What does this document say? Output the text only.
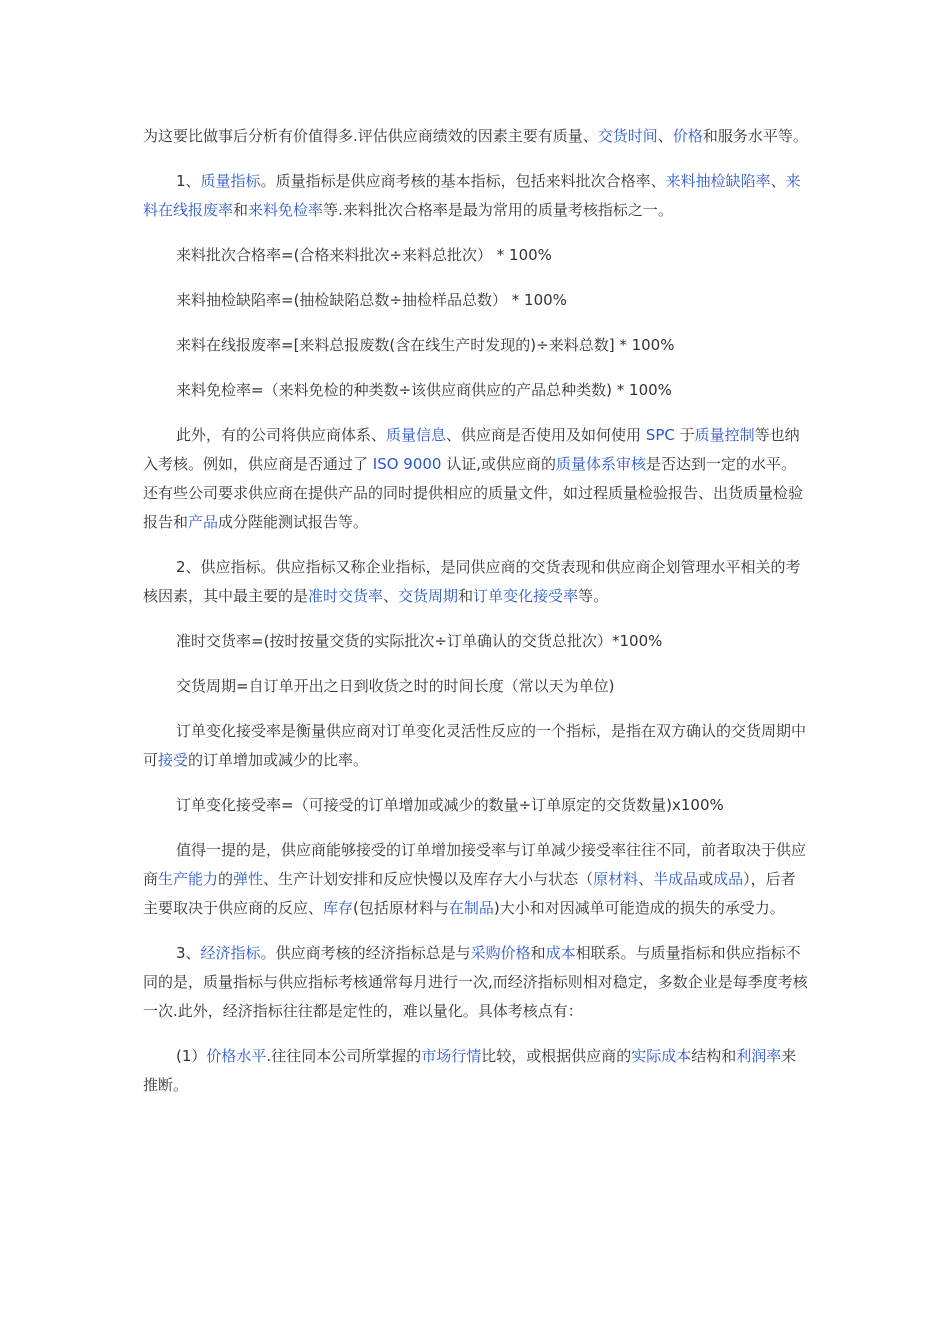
为这要比做事后分析有价值得多.评估供应商绩效的因素主要有质量、交货时间、价格和服务水平等。

1、质量指标。质量指标是供应商考核的基本指标，包括来料批次合格率、来料抽检缺陷率、来料在线报废率和来料免检率等.来料批次合格率是最为常用的质量考核指标之一。

来料批次合格率=(合格来料批次÷来料总批次） * 100%

来料抽检缺陷率=(抽检缺陷总数÷抽检样品总数） * 100%

来料在线报废率=[来料总报废数(含在线生产时发现的)÷来料总数] * 100%

来料免检率=（来料免检的种类数÷该供应商供应的产品总种类数) * 100%

此外，有的公司将供应商体系、质量信息、供应商是否使用及如何使用 SPC 于质量控制等也纳入考核。例如，供应商是否通过了 ISO 9000 认证,或供应商的质量体系审核是否达到一定的水平。还有些公司要求供应商在提供产品的同时提供相应的质量文件，如过程质量检验报告、出货质量检验报告和产品成分陛能测试报告等。

2、供应指标。供应指标又称企业指标，是同供应商的交货表现和供应商企划管理水平相关的考核因素，其中最主要的是准时交货率、交货周期和订单变化接受率等。

准时交货率=(按时按量交货的实际批次÷订单确认的交货总批次）*100%

交货周期=自订单开出之日到收货之时的时间长度（常以天为单位)

订单变化接受率是衡量供应商对订单变化灵活性反应的一个指标，是指在双方确认的交货周期中可接受的订单增加或减少的比率。

订单变化接受率=（可接受的订单增加或减少的数量÷订单原定的交货数量)x100%

值得一提的是，供应商能够接受的订单增加接受率与订单减少接受率往往不同，前者取决于供应商生产能力的弹性、生产计划安排和反应快慢以及库存大小与状态（原材料、半成品或成品），后者主要取决于供应商的反应、库存(包括原材料与在制品)大小和对因减单可能造成的损失的承受力。

3、经济指标。供应商考核的经济指标总是与采购价格和成本相联系。与质量指标和供应指标不同的是，质量指标与供应指标考核通常每月进行一次,而经济指标则相对稳定，多数企业是每季度考核一次.此外，经济指标往往都是定性的，难以量化。具体考核点有：

(1）价格水平.往往同本公司所掌握的市场行情比较，或根据供应商的实际成本结构和利润率来推断。
